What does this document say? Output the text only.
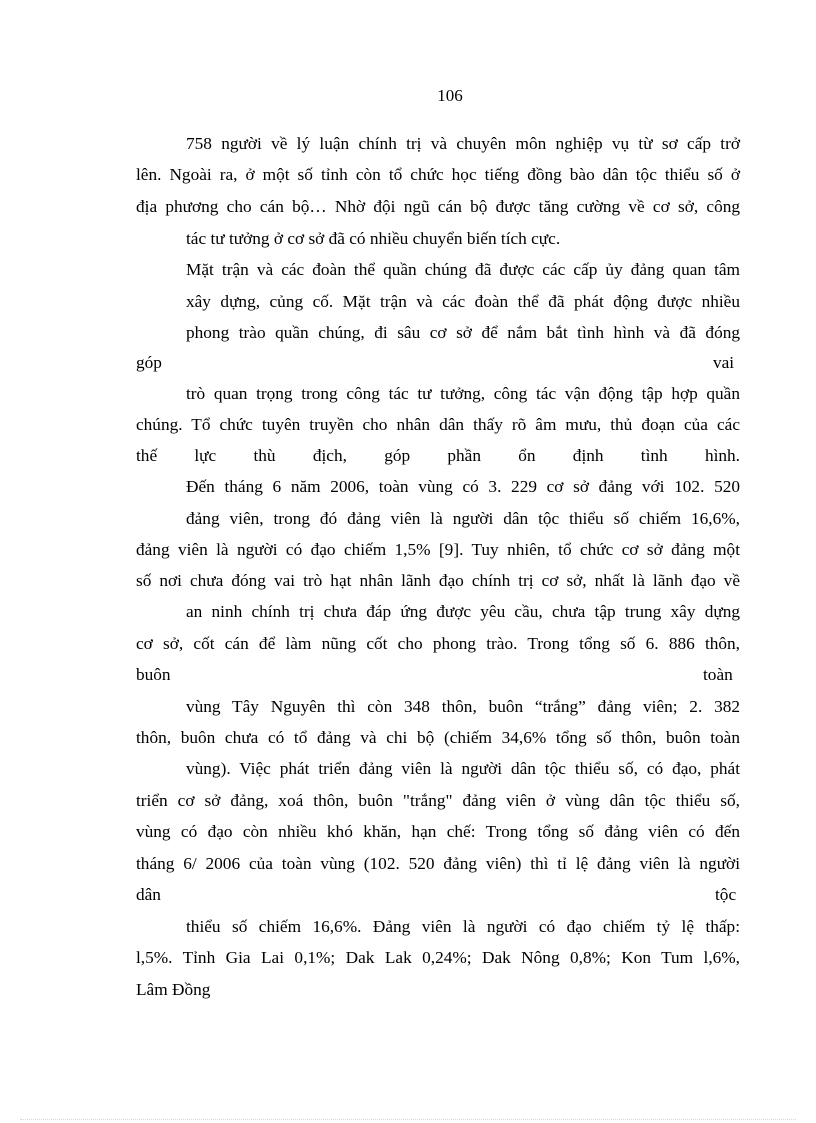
106
758 người về lý luận chính trị và chuyên môn nghiệp vụ từ sơ cấp trở
lên. Ngoài ra, ở một số tỉnh còn tổ chức học tiếng đồng bào dân tộc thiểu số ở
địa phương cho cán bộ… Nhờ đội ngũ cán bộ được tăng cường về cơ sở, công
tác tư tưởng ở cơ sở đã có nhiều chuyển biến tích cực.
Mặt trận và các đoàn thể quần chúng đã được các cấp ủy đảng quan tâm
xây dựng, củng cố. Mặt trận và các đoàn thể đã phát động được nhiều
phong trào quần chúng, đi sâu cơ sở để nắm bắt tình hình và đã đóng
góp	vai
trò quan trọng trong công tác tư tưởng, công tác vận động tập hợp quần
chúng. Tổ chức tuyên truyền cho nhân dân thấy rõ âm mưu, thủ đoạn của các
thế lực thù địch, góp phần ổn định tình hình.
Đến tháng 6 năm 2006, toàn vùng có 3. 229 cơ sở đảng với 102. 520
đảng viên, trong đó đảng viên là người dân tộc thiểu số chiếm 16,6%,
đảng viên là người có đạo chiếm 1,5% [9]. Tuy nhiên, tổ chức cơ sở đảng một
số nơi chưa đóng vai trò hạt nhân lãnh đạo chính trị cơ sở, nhất là lãnh đạo về
an ninh chính trị chưa đáp ứng được yêu cầu, chưa tập trung xây dựng
cơ sở, cốt cán để làm nũng cốt cho phong trào. Trong tổng số 6. 886 thôn,
buôn	toàn
vùng Tây Nguyên thì còn 348 thôn, buôn “trắng” đảng viên; 2. 382
thôn, buôn chưa có tổ đảng và chi bộ (chiếm 34,6% tổng số thôn, buôn toàn
vùng). Việc phát triển đảng viên là người dân tộc thiểu số, có đạo, phát
triển cơ sở đảng, xoá thôn, buôn "trắng" đảng viên ở vùng dân tộc thiểu số,
vùng có đạo còn nhiều khó khăn, hạn chế: Trong tổng số đảng viên có đến
tháng 6/ 2006 của toàn vùng (102. 520 đảng viên) thì tỉ lệ đảng viên là người
dân	tộc
thiểu số chiếm 16,6%. Đảng viên là người có đạo chiếm tỷ lệ thấp:
l,5%. Tỉnh Gia Lai 0,1%; Dak Lak 0,24%; Dak Nông 0,8%; Kon Tum l,6%,
Lâm Đồng
